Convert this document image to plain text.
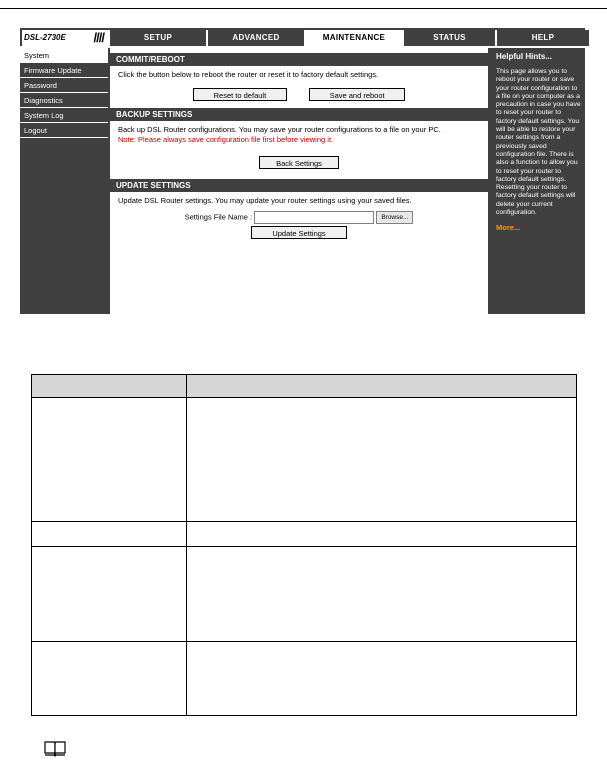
DSL-2730E ////	SETUP	ADVANCED	MAINTENANCE	STATUS	HELP
System
Firmware Update
Password
Diagnostics
System Log
Logout
COMMIT/REBOOT
Click the button below to reboot the router or reset it to factory default settings.
Reset to default	Save and reboot
BACKUP SETTINGS
Back up DSL Router configurations. You may save your router configurations to a file on your PC.
Note: Please always save configuration file first before viewing it.
Back Settings
UPDATE SETTINGS
Update DSL Router settings. You may update your router settings using your saved files.
Settings File Name :	Browse...
Update Settings
Helpful Hints...
This page allows you to reboot your router or save your router configuration to a file on your computer as a precaution in case you have to reset your router to factory default settings. You will be able to restore your router settings from a previously saved configuration file. There is also a function to allow you to reset your router to factory default settings. Resetting your router to factory default settings will delete your current configuration.
More...
